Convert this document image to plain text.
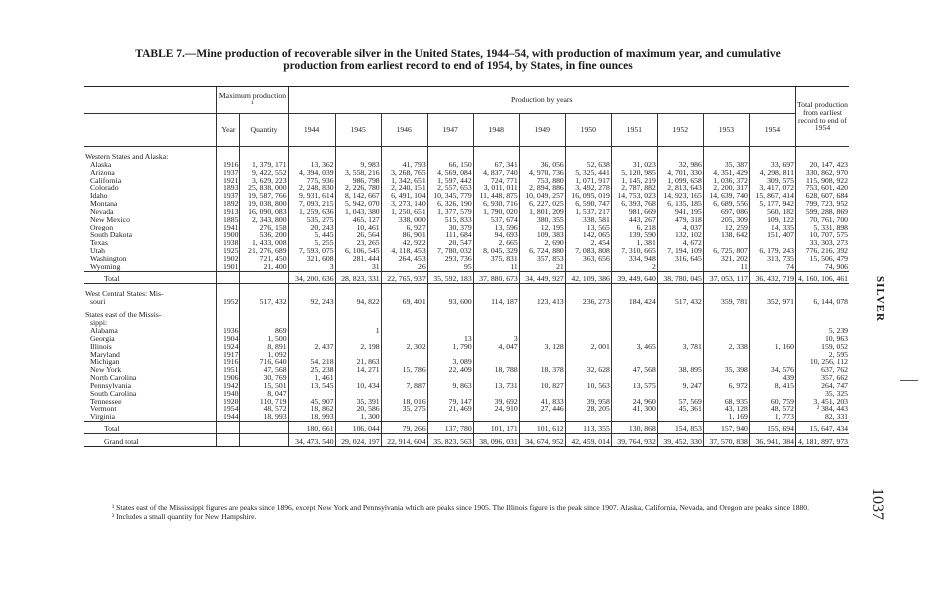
TABLE 7.—Mine production of recoverable silver in the United States, 1944–54, with production of maximum year, and cumulative
production from earliest record to end of 1954, by States, in fine ounces
	Maximum production ¹		Production by years											Total production from earliest record to end of 1954
	Year	Quantity	1944	1945	1946	1947	1948	1949	1950	1951	1952	1953	1954	

Western States and Alaska:														
Alaska	1916	1, 379, 171	13, 362	9, 983	41, 793	66, 150	67, 341	36, 056	52, 638	31, 023	32, 986	35, 387	33, 697	20, 147, 423
Arizona	1937	9, 422, 552	4, 394, 039	3, 558, 216	3, 268, 765	4, 569, 084	4, 837, 740	4, 970, 736	5, 325, 441	5, 120, 985	4, 701, 330	4, 351, 429	4, 298, 811	330, 862, 970
California	1921	3, 629, 223	775, 936	986, 798	1, 342, 651	1, 597, 442	724, 771	753, 880	1, 071, 917	1, 145, 219	1, 099, 658	1, 036, 372	309, 575	115, 908, 922
Colorado	1893	25, 838, 000	2, 248, 830	2, 226, 780	2, 240, 151	2, 557, 653	3, 011, 011	2, 894, 886	3, 492, 278	2, 787, 882	2, 813, 643	2, 200, 317	3, 417, 072	753, 601, 420
Idaho	1937	19, 587, 766	9, 931, 614	8, 142, 667	6, 491, 104	10, 345, 779	11, 448, 875	10, 049, 257	16, 095, 019	14, 753, 023	14, 923, 165	14, 639, 740	15, 867, 414	628, 607, 684
Montana	1892	19, 038, 800	7, 093, 215	5, 942, 070	3, 273, 140	6, 326, 190	6, 930, 716	6, 227, 025	6, 590, 747	6, 393, 768	6, 135, 185	6, 689, 556	5, 177, 942	799, 723, 952
Nevada	1913	16, 090, 083	1, 259, 636	1, 043, 380	1, 250, 651	1, 377, 579	1, 790, 020	1, 801, 209	1, 537, 217	981, 669	941, 195	697, 086	560, 182	599, 288, 869
New Mexico	1885	2, 343, 800	535, 275	465, 127	338, 000	515, 833	537, 674	380, 355	338, 581	443, 267	479, 318	205, 309	109, 122	70, 761, 700
Oregon	1941	276, 158	20, 243	10, 461	6, 927	30, 379	13, 596	12, 195	13, 565	6, 218	4, 037	12, 259	14, 335	5, 331, 898
South Dakota	1900	536, 200	5, 445	26, 564	86, 901	111, 684	94, 693	109, 383	142, 065	139, 590	132, 102	138, 642	151, 407	10, 707, 575
Texas	1938	1, 433, 008	5, 255	23, 265	42, 922	20, 547	2, 665	2, 690	2, 454	1, 381	4, 672			33, 303, 273
Utah	1925	21, 276, 689	7, 593, 075	6, 106, 545	4, 118, 453	7, 780, 032	8, 045, 329	6, 724, 880	7, 083, 808	7, 310, 665	7, 194, 109	6, 725, 807	6, 179, 243	776, 216, 392
Washington	1902	721, 450	321, 608	281, 444	264, 453	293, 736	375, 831	357, 853	363, 656	334, 948	316, 645	321, 202	313, 735	15, 506, 479
Wyoming	1901	21, 400	3	31	26	95	11	21		2		11	74	74, 906
Total			34, 200, 636	28, 823, 331	22, 765, 937	35, 592, 183	37, 880, 673	34, 449, 927	42, 109, 386	39, 449, 640	38, 780, 045	37, 053, 117	36, 432, 719	4, 160, 106, 461

West Central States: Mis-														
souri	1952	517, 432	92, 243	94, 822	69, 401	93, 600	114, 187	123, 413	236, 273	184, 424	517, 432	359, 781	352, 971	6, 144, 078

States east of the Missis-														
sippi:														
Alabama	1936	869		1										5, 239
Georgia	1904	1, 500				13	3							10, 963
Illinois	1924	8, 891	2, 437	2, 198	2, 302	1, 790	4, 047	3, 128	2, 001	3, 465	3, 781	2, 338	1, 160	159, 052
Maryland	1917	1, 092												2, 595
Michigan	1916	716, 640	54, 218	21, 863		3, 089								10, 256, 112
New York	1951	47, 568	25, 238	14, 271	15, 786	22, 409	18, 788	18, 378	32, 628	47, 568	38, 895	35, 398	34, 576	637, 762
North Carolina	1906	30, 769	1, 461										439	357, 662
Pennsylvania	1942	15, 501	13, 545	10, 434	7, 887	9, 863	13, 731	10, 827	10, 563	13, 575	9, 247	6, 972	8, 415	264, 747
South Carolina	1940	8, 047												35, 325
Tennessee	1920	110, 719	45, 907	35, 391	18, 016	79, 147	39, 692	41, 833	39, 958	24, 960	57, 569	68, 935	60, 759	3, 451, 203
Vermont	1954	48, 572	18, 862	20, 586	35, 275	21, 469	24, 910	27, 446	28, 205	41, 300	45, 361	43, 128	48, 572	² 384, 443
Virginia	1944	18, 993	18, 993	1, 300								1, 169	1, 773	82, 331
Total			180, 661	106, 044	79, 266	137, 780	101, 171	101, 612	113, 355	130, 868	154, 853	157, 940	155, 694	15, 647, 434
Grand total			34, 473, 540	29, 024, 197	22, 914, 604	35, 823, 563	38, 096, 031	34, 674, 952	42, 459, 014	39, 764, 932	39, 452, 330	37, 570, 838	36, 941, 384	4, 181, 897, 973

¹ States east of the Mississippi figures are peaks since 1896, except New York and Pennsylvania which are peaks since 1905. The Illinois figure is the peak since 1907. Alaska, California, Nevada, and Oregon are peaks since 1880.

² Includes a small quantity for New Hampshire.

SILVER
1037
